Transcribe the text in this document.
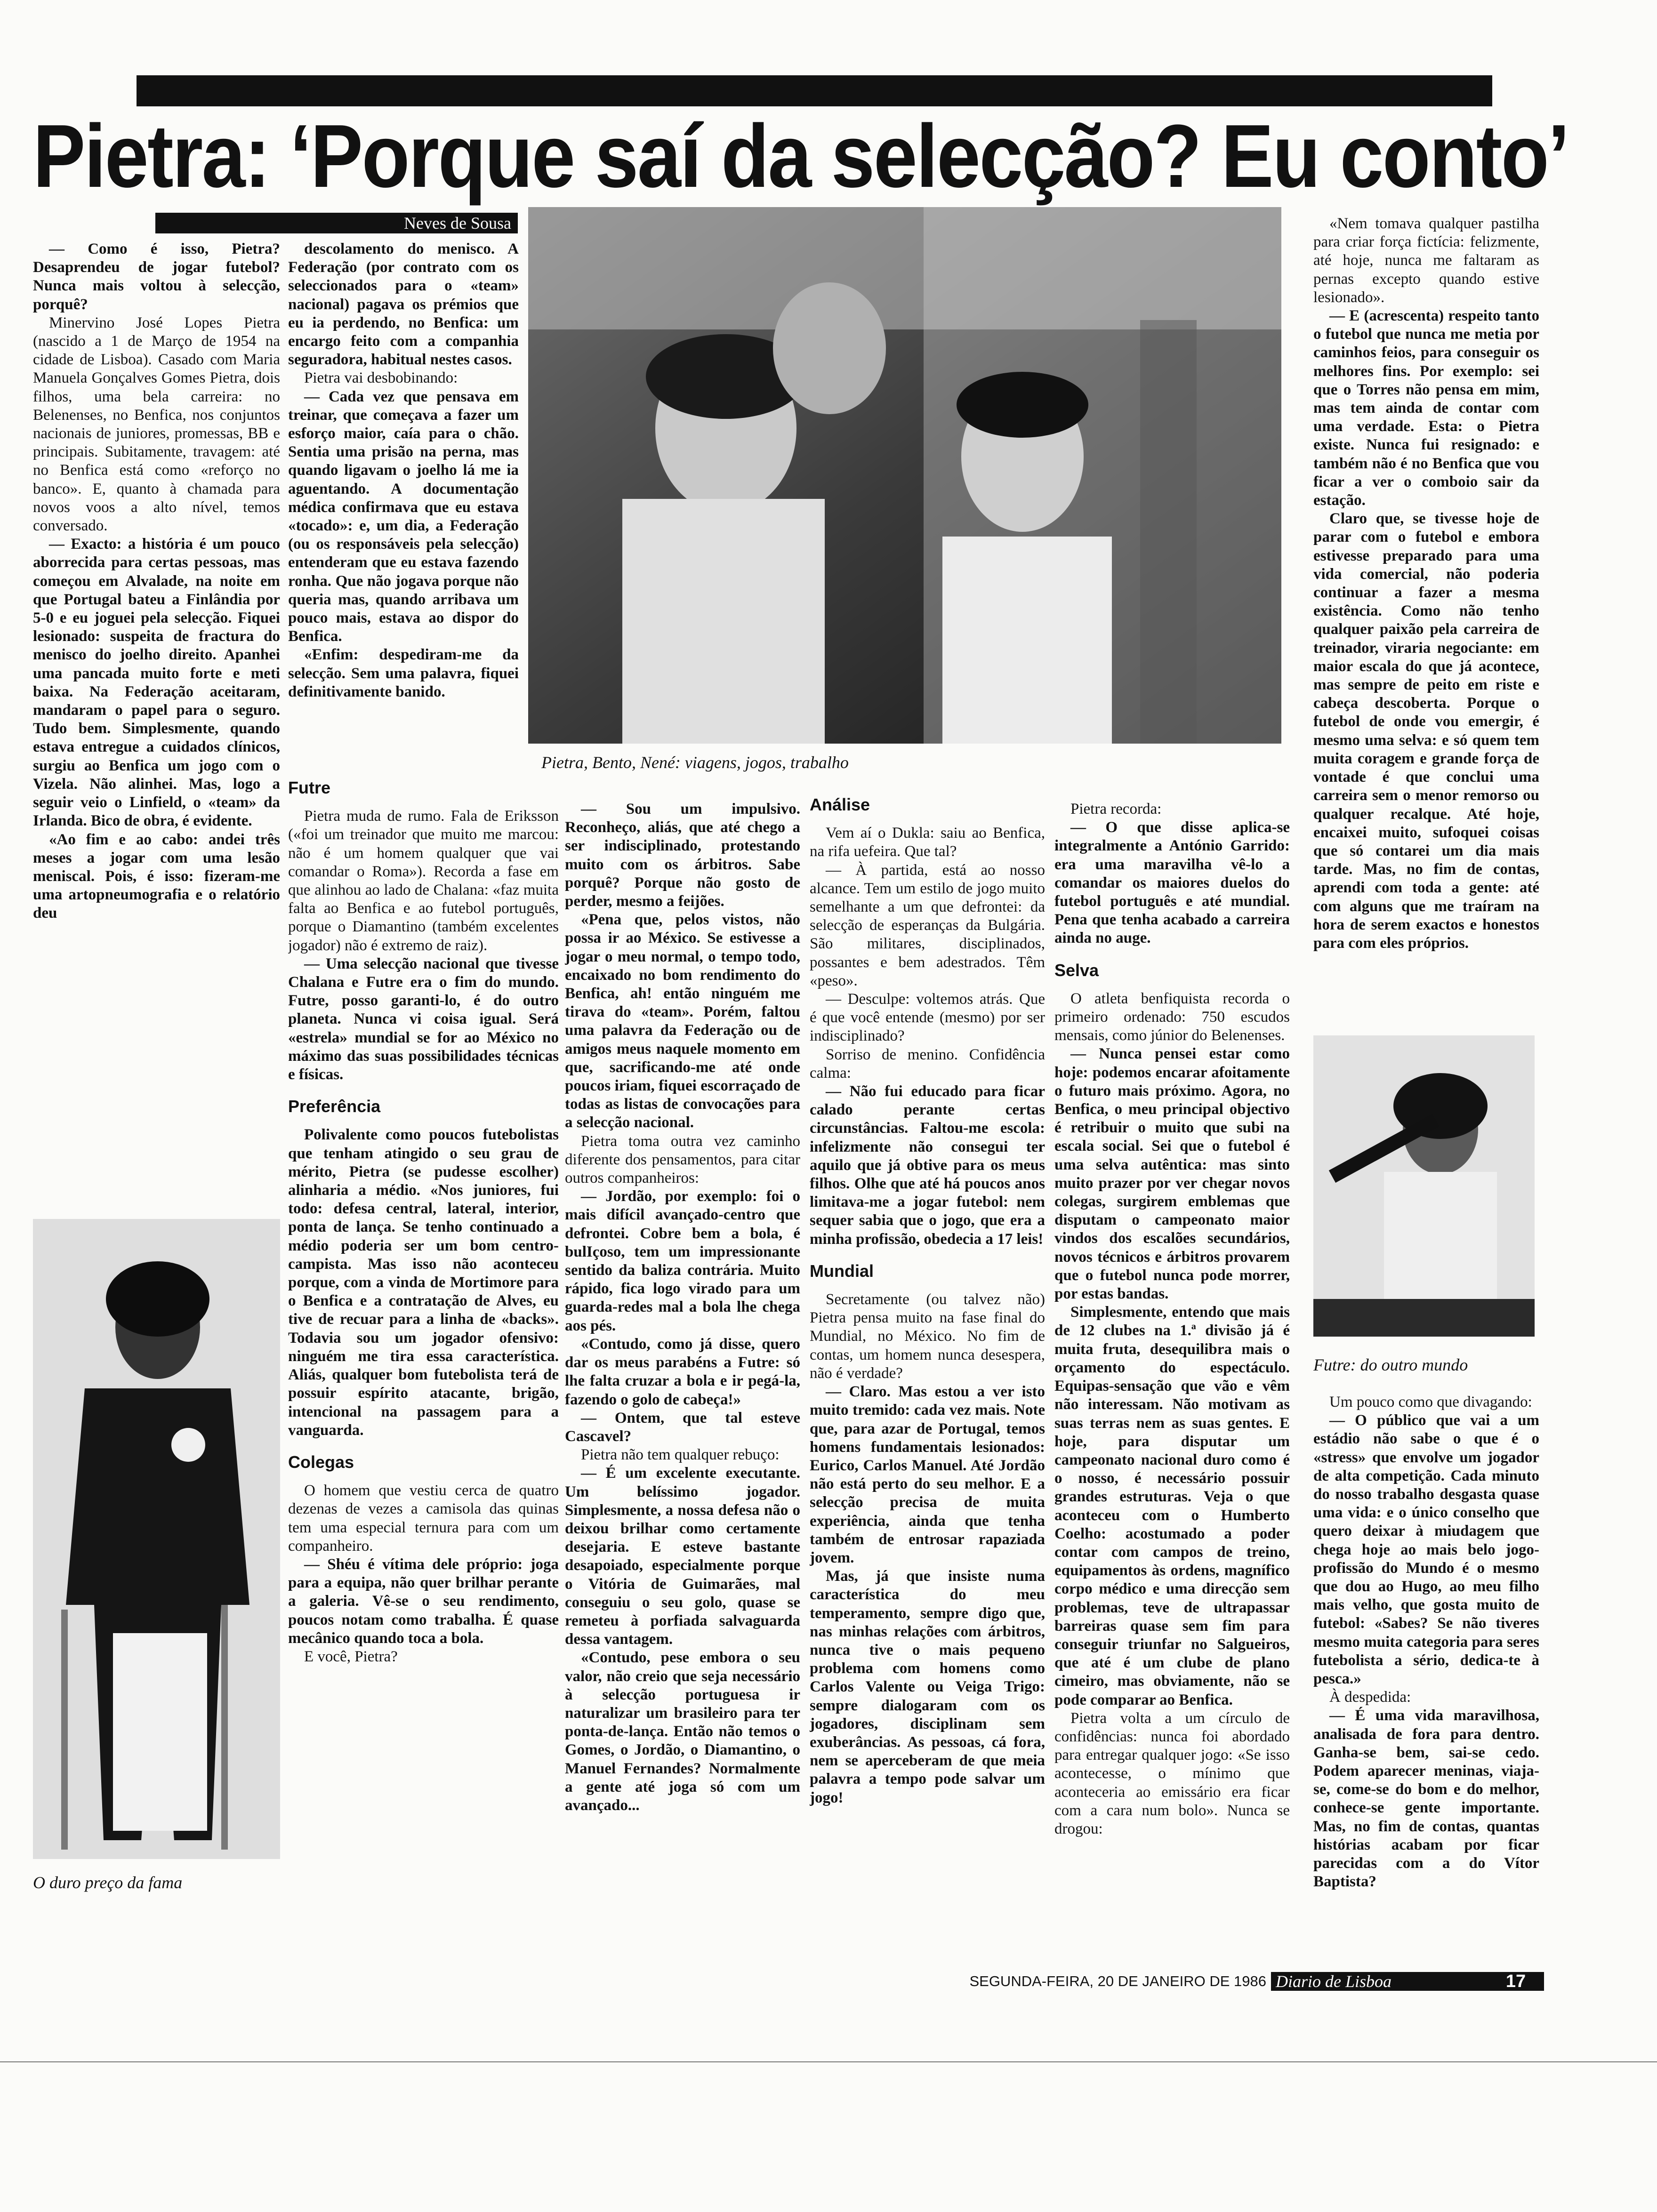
Pietra: ‘Porque saí da selecção? Eu conto’
Neves de Sousa

— Como é isso, Pietra? Desaprendeu de jogar futebol? Nunca mais voltou à selecção, porquê?

Minervino José Lopes Pietra (nascido a 1 de Março de 1954 na cidade de Lisboa). Casado com Maria Manuela Gonçalves Gomes Pietra, dois filhos, uma bela carreira: no Belenenses, no Benfica, nos conjuntos nacionais de juniores, promessas, BB e principais. Subitamente, travagem: até no Benfica está como «reforço no banco». E, quanto à chamada para novos voos a alto nível, temos conversado.

— Exacto: a história é um pouco aborrecida para certas pessoas, mas começou em Alvalade, na noite em que Portugal bateu a Finlândia por 5-0 e eu joguei pela selecção. Fiquei lesionado: suspeita de fractura do menisco do joelho direito. Apanhei uma pancada muito forte e meti baixa. Na Federação aceitaram, mandaram o papel para o seguro. Tudo bem. Simplesmente, quando estava entregue a cuidados clínicos, surgiu ao Benfica um jogo com o Vizela. Não alinhei. Mas, logo a seguir veio o Linfield, o «team» da Irlanda. Bico de obra, é evidente.

«Ao fim e ao cabo: andei três meses a jogar com uma lesão meniscal. Pois, é isso: fizeram-me uma artopneumografia e o relatório deu

descolamento do menisco. A Federação (por contrato com os seleccionados para o «team» nacional) pagava os prémios que eu ia perdendo, no Benfica: um encargo feito com a companhia seguradora, habitual nestes casos.

Pietra vai desbobinando:

— Cada vez que pensava em treinar, que começava a fazer um esforço maior, caía para o chão. Sentia uma prisão na perna, mas quando ligavam o joelho lá me ia aguentando. A documentação médica confirmava que eu estava «tocado»: e, um dia, a Federação (ou os responsáveis pela selecção) entenderam que eu estava fazendo ronha. Que não jogava porque não queria mas, quando arribava um pouco mais, estava ao dispor do Benfica.

«Enfim: despediram-me da selecção. Sem uma palavra, fiquei definitivamente banido.

Futre

Pietra muda de rumo. Fala de Eriksson («foi um treinador que muito me marcou: não é um homem qualquer que vai comandar o Roma»). Recorda a fase em que alinhou ao lado de Chalana: «faz muita falta ao Benfica e ao futebol português, porque o Diamantino (também excelentes jogador) não é extremo de raiz).

— Uma selecção nacional que tivesse Chalana e Futre era o fim do mundo. Futre, posso garanti-lo, é do outro planeta. Nunca vi coisa igual. Será «estrela» mundial se for ao México no máximo das suas possibilidades técnicas e físicas.

Preferência

Polivalente como poucos futebolistas que tenham atingido o seu grau de mérito, Pietra (se pudesse escolher) alinharia a médio. «Nos juniores, fui todo: defesa central, lateral, interior, ponta de lança. Se tenho continuado a médio poderia ser um bom centro-campista. Mas isso não aconteceu porque, com a vinda de Mortimore para o Benfica e a contratação de Alves, eu tive de recuar para a linha de «backs». Todavia sou um jogador ofensivo: ninguém me tira essa característica. Aliás, qualquer bom futebolista terá de possuir espírito atacante, brigão, intencional na passagem para a vanguarda.

Colegas

O homem que vestiu cerca de quatro dezenas de vezes a camisola das quinas tem uma especial ternura para com um companheiro.

— Shéu é vítima dele próprio: joga para a equipa, não quer brilhar perante a galeria. Vê-se o seu rendimento, poucos notam como trabalha. É quase mecânico quando toca a bola.

E você, Pietra?

Pietra, Bento, Nené: viagens, jogos, trabalho

— Sou um impulsivo. Reconheço, aliás, que até chego a ser indisciplinado, protestando muito com os árbitros. Sabe porquê? Porque não gosto de perder, mesmo a feijões.

«Pena que, pelos vistos, não possa ir ao México. Se estivesse a jogar o meu normal, o tempo todo, encaixado no bom rendimento do Benfica, ah! então ninguém me tirava do «team». Porém, faltou uma palavra da Federação ou de amigos meus naquele momento em que, sacrificando-me até onde poucos iriam, fiquei escorraçado de todas as listas de convocações para a selecção nacional.

Pietra toma outra vez caminho diferente dos pensamentos, para citar outros companheiros:

— Jordão, por exemplo: foi o mais difícil avançado-centro que defrontei. Cobre bem a bola, é bulIçoso, tem um impressionante sentido da baliza contrária. Muito rápido, fica logo virado para um guarda-redes mal a bola lhe chega aos pés.

«Contudo, como já disse, quero dar os meus parabéns a Futre: só lhe falta cruzar a bola e ir pegá-la, fazendo o golo de cabeça!»

— Ontem, que tal esteve Cascavel?

Pietra não tem qualquer rebuço:

— É um excelente executante. Um belíssimo jogador. Simplesmente, a nossa defesa não o deixou brilhar como certamente desejaria. E esteve bastante desapoiado, especialmente porque o Vitória de Guimarães, mal conseguiu o seu golo, quase se remeteu à porfiada salvaguarda dessa vantagem.

«Contudo, pese embora o seu valor, não creio que seja necessário à selecção portuguesa ir naturalizar um brasileiro para ter ponta-de-lança. Então não temos o Gomes, o Jordão, o Diamantino, o Manuel Fernandes? Normalmente a gente até joga só com um avançado...

Análise

Vem aí o Dukla: saiu ao Benfica, na rifa uefeira. Que tal?

— À partida, está ao nosso alcance. Tem um estilo de jogo muito semelhante a um que defrontei: da selecção de esperanças da Bulgária. São militares, disciplinados, possantes e bem adestrados. Têm «peso».

— Desculpe: voltemos atrás. Que é que você entende (mesmo) por ser indisciplinado?

Sorriso de menino. Confidência calma:

— Não fui educado para ficar calado perante certas circunstâncias. Faltou-me escola: infelizmente não consegui ter aquilo que já obtive para os meus filhos. Olhe que até há poucos anos limitava-me a jogar futebol: nem sequer sabia que o jogo, que era a minha profissão, obedecia a 17 leis!

Mundial

Secretamente (ou talvez não) Pietra pensa muito na fase final do Mundial, no México. No fim de contas, um homem nunca desespera, não é verdade?

— Claro. Mas estou a ver isto muito tremido: cada vez mais. Note que, para azar de Portugal, temos homens fundamentais lesionados: Eurico, Carlos Manuel. Até Jordão não está perto do seu melhor. E a selecção precisa de muita experiência, ainda que tenha também de entrosar rapaziada jovem.

Mas, já que insiste numa característica do meu temperamento, sempre digo que, nas minhas relações com árbitros, nunca tive o mais pequeno problema com homens como Carlos Valente ou Veiga Trigo: sempre dialogaram com os jogadores, disciplinam sem exuberâncias. As pessoas, cá fora, nem se aperceberam de que meia palavra a tempo pode salvar um jogo!

Pietra recorda:

— O que disse aplica-se integralmente a António Garrido: era uma maravilha vê-lo a comandar os maiores duelos do futebol português e até mundial. Pena que tenha acabado a carreira ainda no auge.

Selva

O atleta benfiquista recorda o primeiro ordenado: 750 escudos mensais, como júnior do Belenenses.

— Nunca pensei estar como hoje: podemos encarar afoitamente o futuro mais próximo. Agora, no Benfica, o meu principal objectivo é retribuir o muito que subi na escala social. Sei que o futebol é uma selva autêntica: mas sinto muito prazer por ver chegar novos colegas, surgirem emblemas que disputam o campeonato maior vindos dos escalões secundários, novos técnicos e árbitros provarem que o futebol nunca pode morrer, por estas bandas.

Simplesmente, entendo que mais de 12 clubes na 1.ª divisão já é muita fruta, desequilibra mais o orçamento do espectáculo. Equipas-sensação que vão e vêm não interessam. Não motivam as suas terras nem as suas gentes. E hoje, para disputar um campeonato nacional duro como é o nosso, é necessário possuir grandes estruturas. Veja o que aconteceu com o Humberto Coelho: acostumado a poder contar com campos de treino, equipamentos às ordens, magnífico corpo médico e uma direcção sem problemas, teve de ultrapassar barreiras quase sem fim para conseguir triunfar no Salgueiros, que até é um clube de plano cimeiro, mas obviamente, não se pode comparar ao Benfica.

Pietra volta a um círculo de confidências: nunca foi abordado para entregar qualquer jogo: «Se isso acontecesse, o mínimo que aconteceria ao emissário era ficar com a cara num bolo». Nunca se drogou:

«Nem tomava qualquer pastilha para criar força fictícia: felizmente, até hoje, nunca me faltaram as pernas excepto quando estive lesionado».

— E (acrescenta) respeito tanto o futebol que nunca me metia por caminhos feios, para conseguir os melhores fins. Por exemplo: sei que o Torres não pensa em mim, mas tem ainda de contar com uma verdade. Esta: o Pietra existe. Nunca fui resignado: e também não é no Benfica que vou ficar a ver o comboio sair da estação.

Claro que, se tivesse hoje de parar com o futebol e embora estivesse preparado para uma vida comercial, não poderia continuar a fazer a mesma existência. Como não tenho qualquer paixão pela carreira de treinador, viraria negociante: em maior escala do que já acontece, mas sempre de peito em riste e cabeça descoberta. Porque o futebol de onde vou emergir, é mesmo uma selva: e só quem tem muita coragem e grande força de vontade é que conclui uma carreira sem o menor remorso ou qualquer recalque. Até hoje, encaixei muito, sufoquei coisas que só contarei um dia mais tarde. Mas, no fim de contas, aprendi com toda a gente: até com alguns que me traíram na hora de serem exactos e honestos para com eles próprios.

Futre: do outro mundo

Um pouco como que divagando:

— O público que vai a um estádio não sabe o que é o «stress» que envolve um jogador de alta competição. Cada minuto do nosso trabalho desgasta quase uma vida: e o único conselho que quero deixar à miudagem que chega hoje ao mais belo jogo-profissão do Mundo é o mesmo que dou ao Hugo, ao meu filho mais velho, que gosta muito de futebol: «Sabes? Se não tiveres mesmo muita categoria para seres futebolista a sério, dedica-te à pesca.»

À despedida:

— É uma vida maravilhosa, analisada de fora para dentro. Ganha-se bem, sai-se cedo. Podem aparecer meninas, viaja-se, come-se do bom e do melhor, conhece-se gente importante. Mas, no fim de contas, quantas histórias acabam por ficar parecidas com a do Vítor Baptista?

O duro preço da fama
SEGUNDA-FEIRA, 20 DE JANEIRO DE 1986 Diario de Lisboa	17
